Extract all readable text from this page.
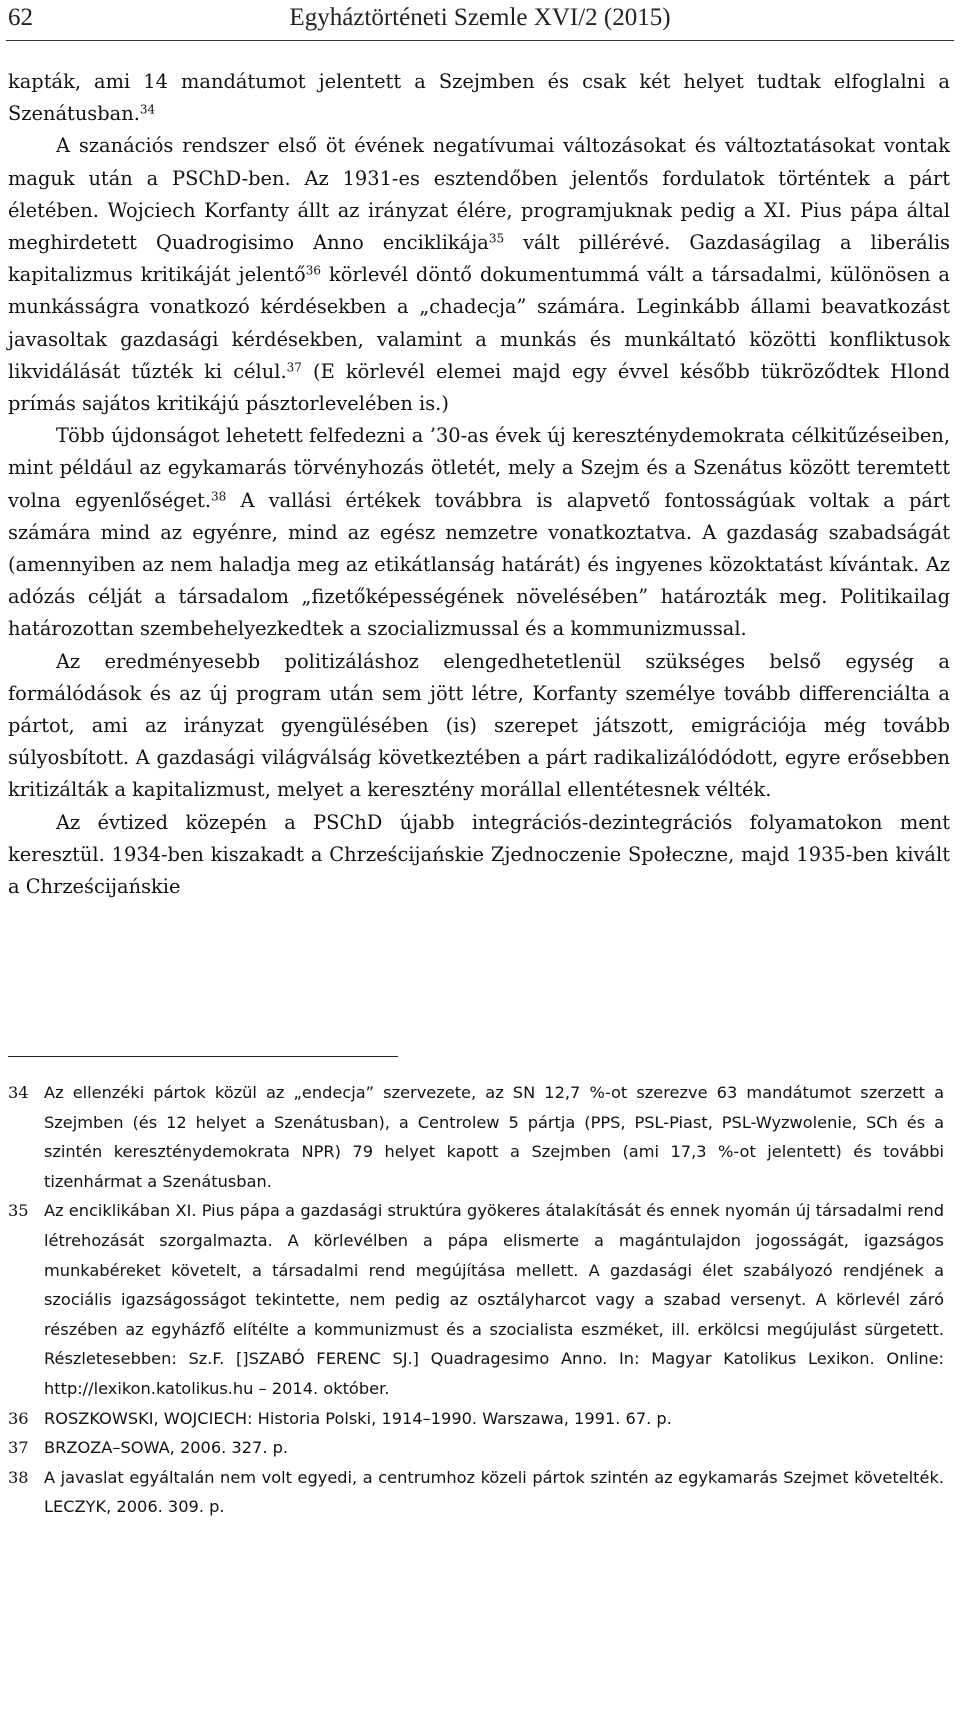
62	Egyháztörténeti Szemle XVI/2 (2015)

kapták, ami 14 mandátumot jelentett a Szejmben és csak két helyet tudtak elfoglalni a Szenátusban.$^{34}$

A szanációs rendszer első öt évének negatívumai változásokat és változtatásokat vontak maguk után a PSChD-ben. Az 1931-es esztendőben jelentős fordulatok történtek a párt életében. Wojciech Korfanty állt az irányzat élére, programjuknak pedig a XI. Pius pápa által meghirdetett Quadrogisimo Anno enciklikája$^{35}$ vált pillérévé. Gazdaságilag a liberális kapitalizmus kritikáját jelentő$^{36}$ körlevél döntő dokumentummá vált a társadalmi, különösen a munkásságra vonatkozó kérdésekben a „chadecja” számára. Leginkább állami beavatkozást javasoltak gazdasági kérdésekben, valamint a munkás és munkáltató közötti konfliktusok likvidálását tűzték ki célul.$^{37}$ (E körlevél elemei majd egy évvel később tükröződtek Hlond prímás sajátos kritikájú pásztorlevelében is.)

Több újdonságot lehetett felfedezni a ’30-as évek új kereszténydemokrata célkitűzéseiben, mint például az egykamarás törvényhozás ötletét, mely a Szejm és a Szenátus között teremtett volna egyenlőséget.$^{38}$ A vallási értékek továbbra is alapvető fontosságúak voltak a párt számára mind az egyénre, mind az egész nemzetre vonatkoztatva. A gazdaság szabadságát (amennyiben az nem haladja meg az etikátlanság határát) és ingyenes közoktatást kívántak. Az adózás célját a társadalom „fizetőképességének növelésében” határozták meg. Politikailag határozottan szembehelyezkedtek a szocializmussal és a kommunizmussal.

Az eredményesebb politizáláshoz elengedhetetlenül szükséges belső egység a formálódások és az új program után sem jött létre, Korfanty személye tovább differenciálta a pártot, ami az irányzat gyengülésében (is) szerepet játszott, emigrációja még tovább súlyosbított. A gazdasági világválság következtében a párt radikalizálódódott, egyre erősebben kritizálták a kapitalizmust, melyet a keresztény morállal ellentétesnek vélték.

Az évtized közepén a PSChD újabb integrációs-dezintegrációs folyamatokon ment keresztül. 1934-ben kiszakadt a Chrześcijańskie Zjednoczenie Społeczne, majd 1935-ben kivált a Chrześcijańskie

34 Az ellenzéki pártok közül az „endecja” szervezete, az SN 12,7 %-ot szerezve 63 mandátumot szerzett a Szejmben (és 12 helyet a Szenátusban), a Centrolew 5 pártja (PPS, PSL-Piast, PSL-Wyzwolenie, SCh és a szintén kereszténydemokrata NPR) 79 helyet kapott a Szejmben (ami 17,3 %-ot jelentett) és további tizenhármat a Szenátusban.
35 Az enciklikában XI. Pius pápa a gazdasági struktúra gyökeres átalakítását és ennek nyomán új társadalmi rend létrehozását szorgalmazta. A körlevélben a pápa elismerte a magántulajdon jogosságát, igazságos munkabéreket követelt, a társadalmi rend megújítása mellett. A gazdasági élet szabályozó rendjének a szociális igazságosságot tekintette, nem pedig az osztályharcot vagy a szabad versenyt. A körlevél záró részében az egyházfő elítélte a kommunizmust és a szocialista eszméket, ill. erkölcsi megújulást sürgetett. Részletesebben: Sz.F. []SZABÓ FERENC SJ.] Quadragesimo Anno. In: Magyar Katolikus Lexikon. Online: http://lexikon.katolikus.hu – 2014. október.
36 ROSZKOWSKI, WOJCIECH: Historia Polski, 1914–1990. Warszawa, 1991. 67. p.
37 BRZOZA–SOWA, 2006. 327. p.
38 A javaslat egyáltalán nem volt egyedi, a centrumhoz közeli pártok szintén az egykamarás Szejmet követelték. LECZYK, 2006. 309. p.
